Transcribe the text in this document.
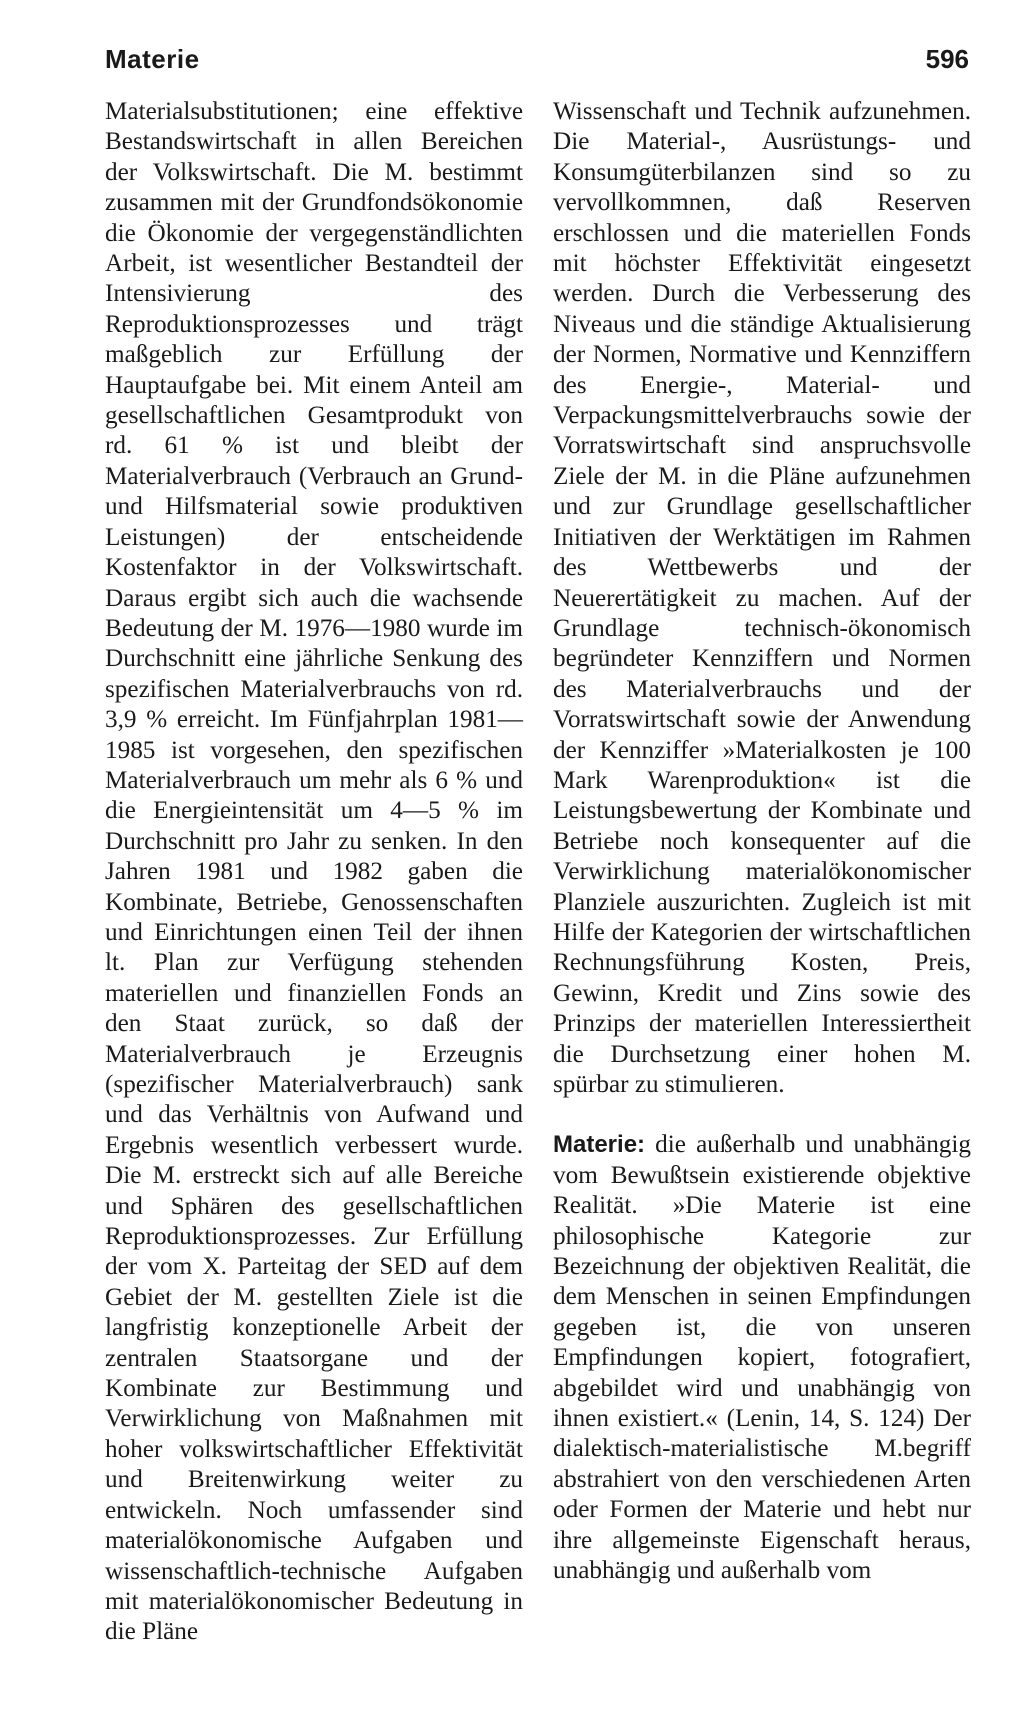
Materie	596

Materialsubstitutionen; eine effektive Bestandswirtschaft in allen Bereichen der Volkswirtschaft. Die M. bestimmt zusammen mit der Grundfondsökonomie die Ökonomie der vergegenständlichten Arbeit, ist wesentlicher Bestandteil der Intensivierung des Reproduktionsprozesses und trägt maßgeblich zur Erfüllung der Hauptaufgabe bei. Mit einem Anteil am gesellschaftlichen Gesamtprodukt von rd. 61 % ist und bleibt der Materialverbrauch (Verbrauch an Grund- und Hilfsmaterial sowie produktiven Leistungen) der entscheidende Kostenfaktor in der Volkswirtschaft. Daraus ergibt sich auch die wachsende Bedeutung der M. 1976—1980 wurde im Durchschnitt eine jährliche Senkung des spezifischen Materialverbrauchs von rd. 3,9 % erreicht. Im Fünfjahrplan 1981—1985 ist vorgesehen, den spezifischen Materialverbrauch um mehr als 6 % und die Energieintensität um 4—5 % im Durchschnitt pro Jahr zu senken. In den Jahren 1981 und 1982 gaben die Kombinate, Betriebe, Genossenschaften und Einrichtungen einen Teil der ihnen lt. Plan zur Verfügung stehenden materiellen und finanziellen Fonds an den Staat zurück, so daß der Materialverbrauch je Erzeugnis (spezifischer Materialverbrauch) sank und das Verhältnis von Aufwand und Ergebnis wesentlich verbessert wurde. Die M. erstreckt sich auf alle Bereiche und Sphären des gesellschaftlichen Reproduktionsprozesses. Zur Erfüllung der vom X. Parteitag der SED auf dem Gebiet der M. gestellten Ziele ist die langfristig konzeptionelle Arbeit der zentralen Staatsorgane und der Kombinate zur Bestimmung und Verwirklichung von Maßnahmen mit hoher volkswirtschaftlicher Effektivität und Breitenwirkung weiter zu entwickeln. Noch umfassender sind materialökonomische Aufgaben und wissenschaftlich-technische Aufgaben mit materialökonomischer Bedeutung in die Pläne

Wissenschaft und Technik aufzunehmen. Die Material-, Ausrüstungs- und Konsumgüterbilanzen sind so zu vervollkommnen, daß Reserven erschlossen und die materiellen Fonds mit höchster Effektivität eingesetzt werden. Durch die Verbesserung des Niveaus und die ständige Aktualisierung der Normen, Normative und Kennziffern des Energie-, Material- und Verpackungsmittelverbrauchs sowie der Vorratswirtschaft sind anspruchsvolle Ziele der M. in die Pläne aufzunehmen und zur Grundlage gesellschaftlicher Initiativen der Werktätigen im Rahmen des Wettbewerbs und der Neuerertätigkeit zu machen. Auf der Grundlage technisch-ökonomisch begründeter Kennziffern und Normen des Materialverbrauchs und der Vorratswirtschaft sowie der Anwendung der Kennziffer »Materialkosten je 100 Mark Warenproduktion« ist die Leistungsbewertung der Kombinate und Betriebe noch konsequenter auf die Verwirklichung materialökonomischer Planziele auszurichten. Zugleich ist mit Hilfe der Kategorien der wirtschaftlichen Rechnungsführung Kosten, Preis, Gewinn, Kredit und Zins sowie des Prinzips der materiellen Interessiertheit die Durchsetzung einer hohen M. spürbar zu stimulieren.

Materie: die außerhalb und unabhängig vom Bewußtsein existierende objektive Realität. »Die Materie ist eine philosophische Kategorie zur Bezeichnung der objektiven Realität, die dem Menschen in seinen Empfindungen gegeben ist, die von unseren Empfindungen kopiert, fotografiert, abgebildet wird und unabhängig von ihnen existiert.« (Lenin, 14, S. 124) Der dialektisch-materialistische M.begriff abstrahiert von den verschiedenen Arten oder Formen der Materie und hebt nur ihre allgemeinste Eigenschaft heraus, unabhängig und außerhalb vom
